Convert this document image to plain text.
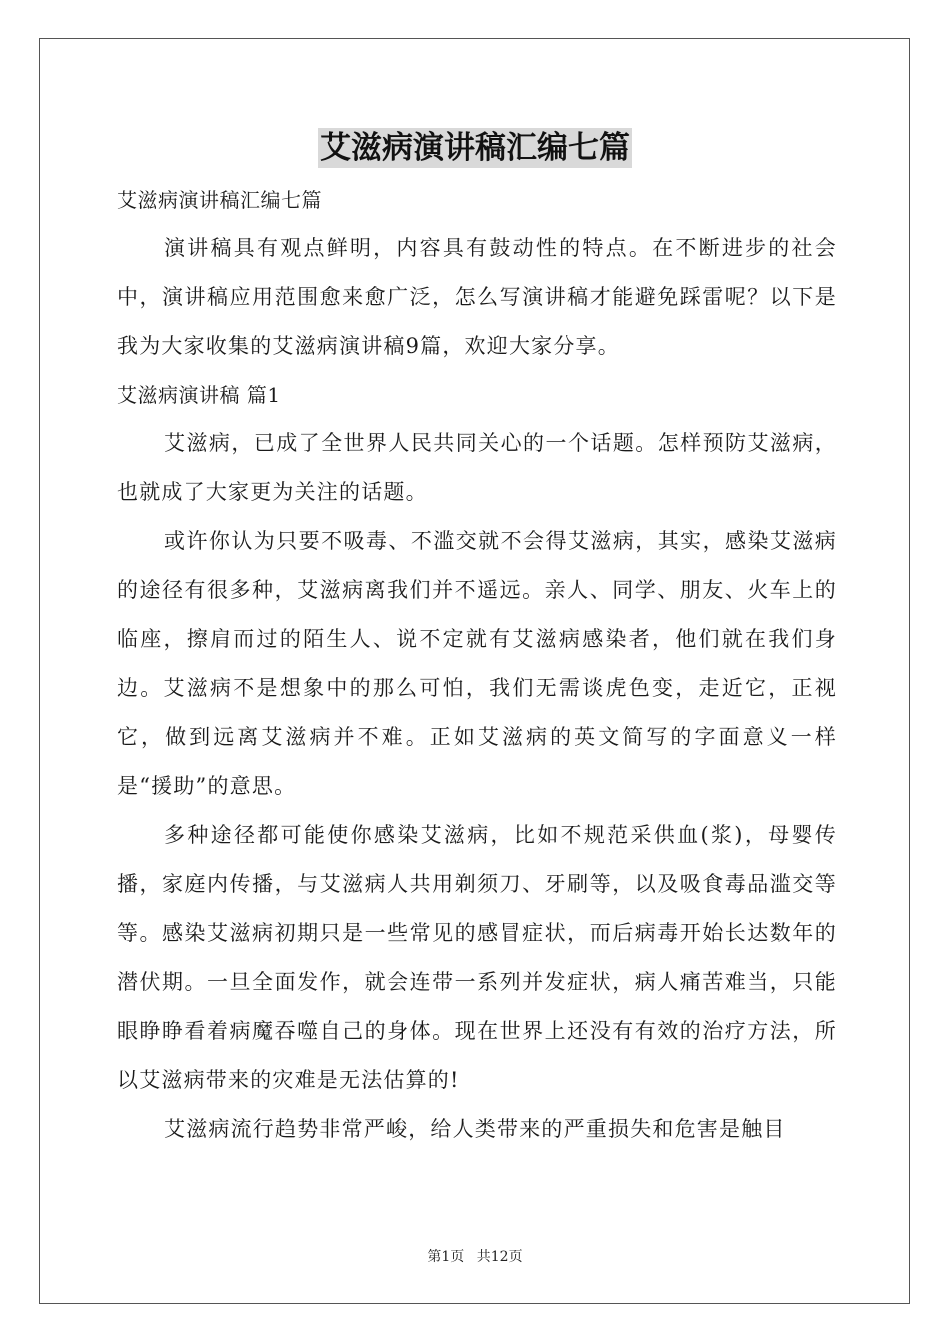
艾滋病演讲稿汇编七篇

艾滋病演讲稿汇编七篇

演讲稿具有观点鲜明，内容具有鼓动性的特点。在不断进步的社会中，演讲稿应用范围愈来愈广泛，怎么写演讲稿才能避免踩雷呢？以下是我为大家收集的艾滋病演讲稿9篇，欢迎大家分享。

艾滋病演讲稿 篇1

艾滋病，已成了全世界人民共同关心的一个话题。怎样预防艾滋病，也就成了大家更为关注的话题。

或许你认为只要不吸毒、不滥交就不会得艾滋病，其实，感染艾滋病的途径有很多种，艾滋病离我们并不遥远。亲人、同学、朋友、火车上的临座，擦肩而过的陌生人、说不定就有艾滋病感染者，他们就在我们身边。艾滋病不是想象中的那么可怕，我们无需谈虎色变，走近它，正视它，做到远离艾滋病并不难。正如艾滋病的英文简写的字面意义一样是“援助”的意思。

多种途径都可能使你感染艾滋病，比如不规范采供血(浆)，母婴传播，家庭内传播，与艾滋病人共用剃须刀、牙刷等，以及吸食毒品滥交等等。感染艾滋病初期只是一些常见的感冒症状，而后病毒开始长达数年的潜伏期。一旦全面发作，就会连带一系列并发症状，病人痛苦难当，只能眼睁睁看着病魔吞噬自己的身体。现在世界上还没有有效的治疗方法，所以艾滋病带来的灾难是无法估算的!

艾滋病流行趋势非常严峻，给人类带来的严重损失和危害是触目

第1页 共12页
